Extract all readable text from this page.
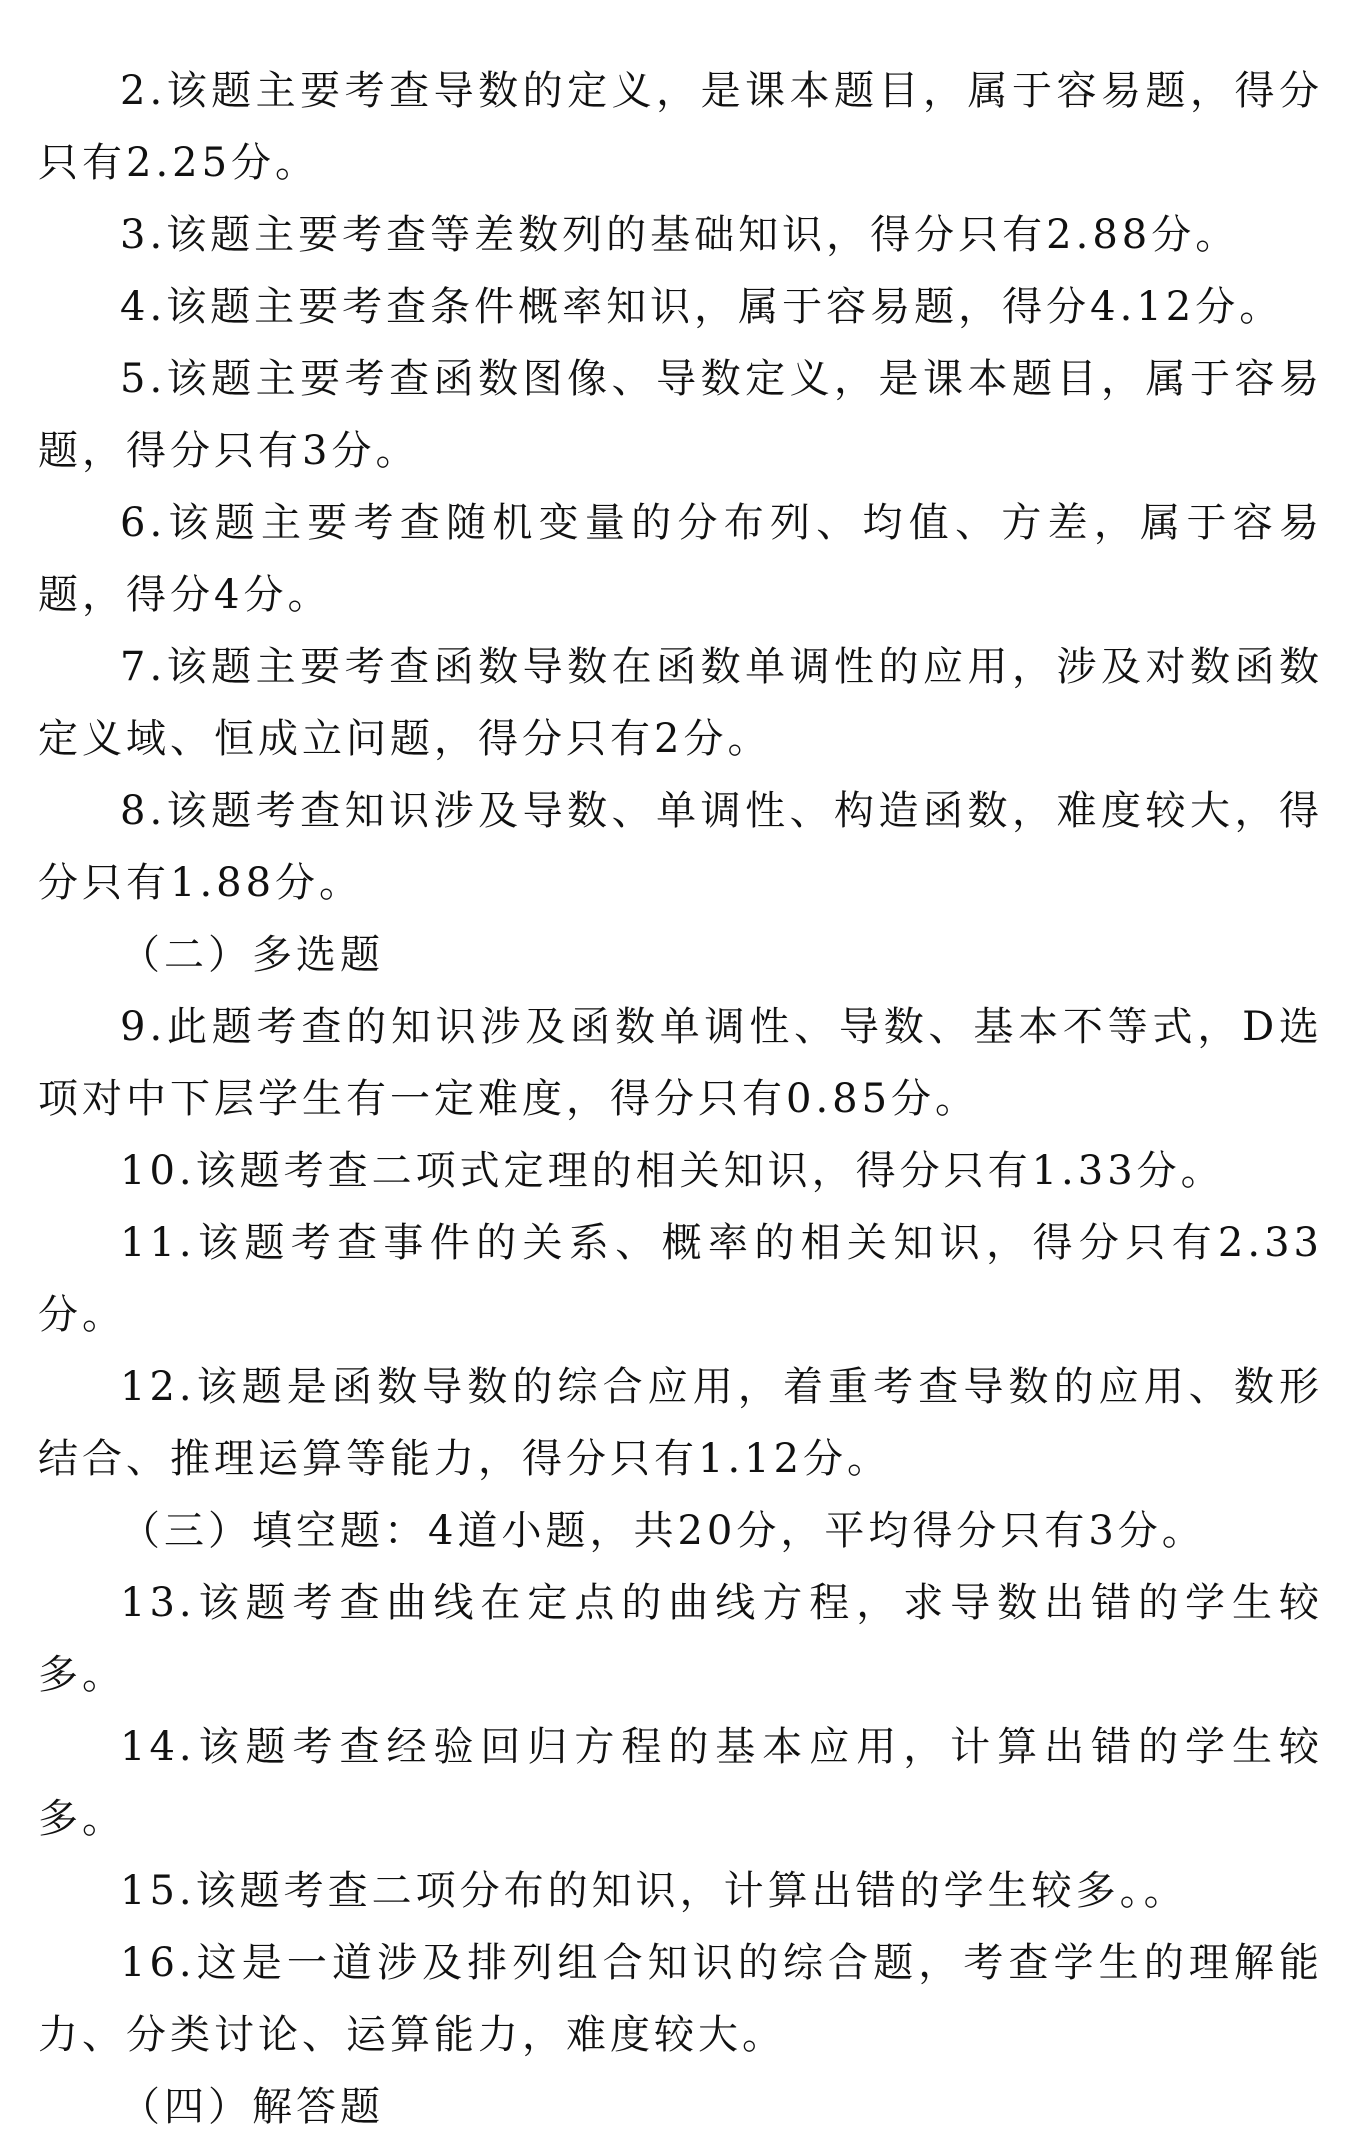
2.该题主要考查导数的定义，是课本题目，属于容易题，得分只有2.25分。

3.该题主要考查等差数列的基础知识，得分只有2.88分。

4.该题主要考查条件概率知识，属于容易题，得分4.12分。

5.该题主要考查函数图像、导数定义，是课本题目，属于容易题，得分只有3分。

6.该题主要考查随机变量的分布列、均值、方差，属于容易题，得分4分。

7.该题主要考查函数导数在函数单调性的应用，涉及对数函数定义域、恒成立问题，得分只有2分。

8.该题考查知识涉及导数、单调性、构造函数，难度较大，得分只有1.88分。

（二）多选题

9.此题考查的知识涉及函数单调性、导数、基本不等式，D选项对中下层学生有一定难度，得分只有0.85分。

10.该题考查二项式定理的相关知识，得分只有1.33分。

11.该题考查事件的关系、概率的相关知识，得分只有2.33分。

12.该题是函数导数的综合应用，着重考查导数的应用、数形结合、推理运算等能力，得分只有1.12分。

（三）填空题：4道小题，共20分，平均得分只有3分。

13.该题考查曲线在定点的曲线方程，求导数出错的学生较多。

14.该题考查经验回归方程的基本应用，计算出错的学生较多。

15.该题考查二项分布的知识，计算出错的学生较多。。

16.这是一道涉及排列组合知识的综合题，考查学生的理解能力、分类讨论、运算能力，难度较大。

（四）解答题
